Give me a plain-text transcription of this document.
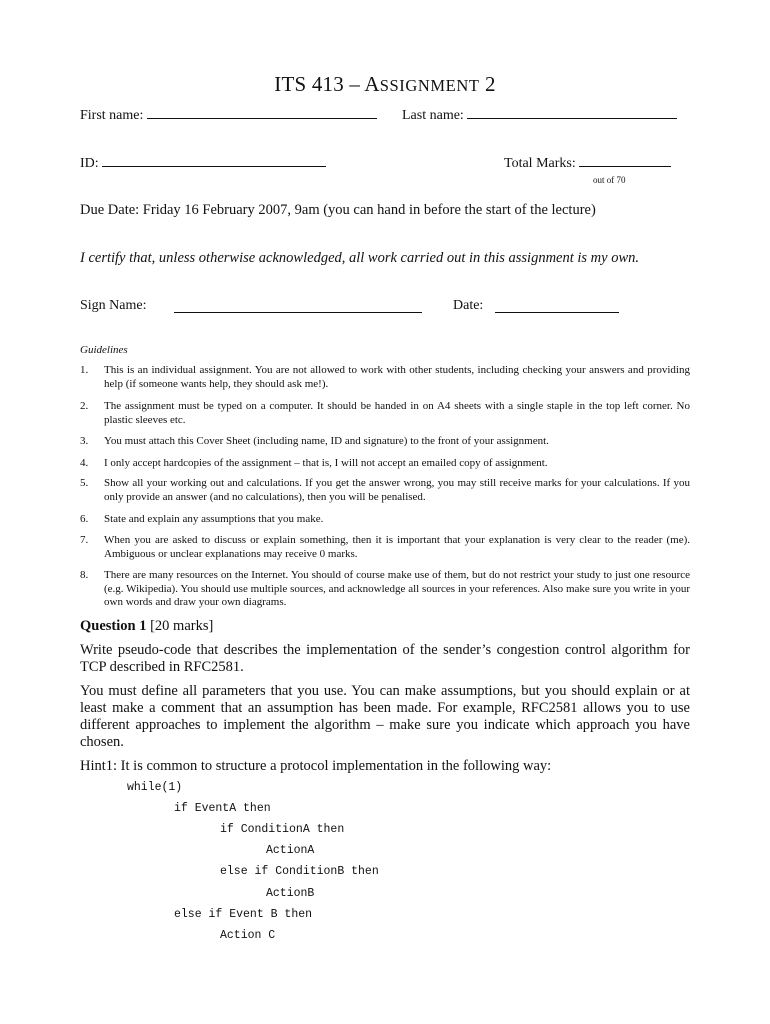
ITS 413 – ASSIGNMENT 2
First name:	Last name:
ID:	Total Marks:
out of 70
Due Date: Friday 16 February 2007, 9am (you can hand in before the start of the lecture)
I certify that, unless otherwise acknowledged, all work carried out in this assignment is my own.
Sign Name:	Date:
Guidelines
1.	This is an individual assignment. You are not allowed to work with other students, including checking your answers and providing help (if someone wants help, they should ask me!).
2.	The assignment must be typed on a computer. It should be handed in on A4 sheets with a single staple in the top left corner. No plastic sleeves etc.
3.	You must attach this Cover Sheet (including name, ID and signature) to the front of your assignment.
4.	I only accept hardcopies of the assignment – that is, I will not accept an emailed copy of assignment.
5.	Show all your working out and calculations. If you get the answer wrong, you may still receive marks for your calculations. If you only provide an answer (and no calculations), then you will be penalised.
6.	State and explain any assumptions that you make.
7.	When you are asked to discuss or explain something, then it is important that your explanation is very clear to the reader (me). Ambiguous or unclear explanations may receive 0 marks.
8.	There are many resources on the Internet. You should of course make use of them, but do not restrict your study to just one resource (e.g. Wikipedia). You should use multiple sources, and acknowledge all sources in your references. Also make sure you write in your own words and draw your own diagrams.
Question 1 [20 marks]
Write pseudo-code that describes the implementation of the sender’s congestion control algorithm for TCP described in RFC2581.
You must define all parameters that you use. You can make assumptions, but you should explain or at least make a comment that an assumption has been made. For example, RFC2581 allows you to use different approaches to implement the algorithm – make sure you indicate which approach you have chosen.
Hint1: It is common to structure a protocol implementation in the following way:
while(1)
if EventA then
if ConditionA then
ActionA
else if ConditionB then
ActionB
else if Event B then
Action C
